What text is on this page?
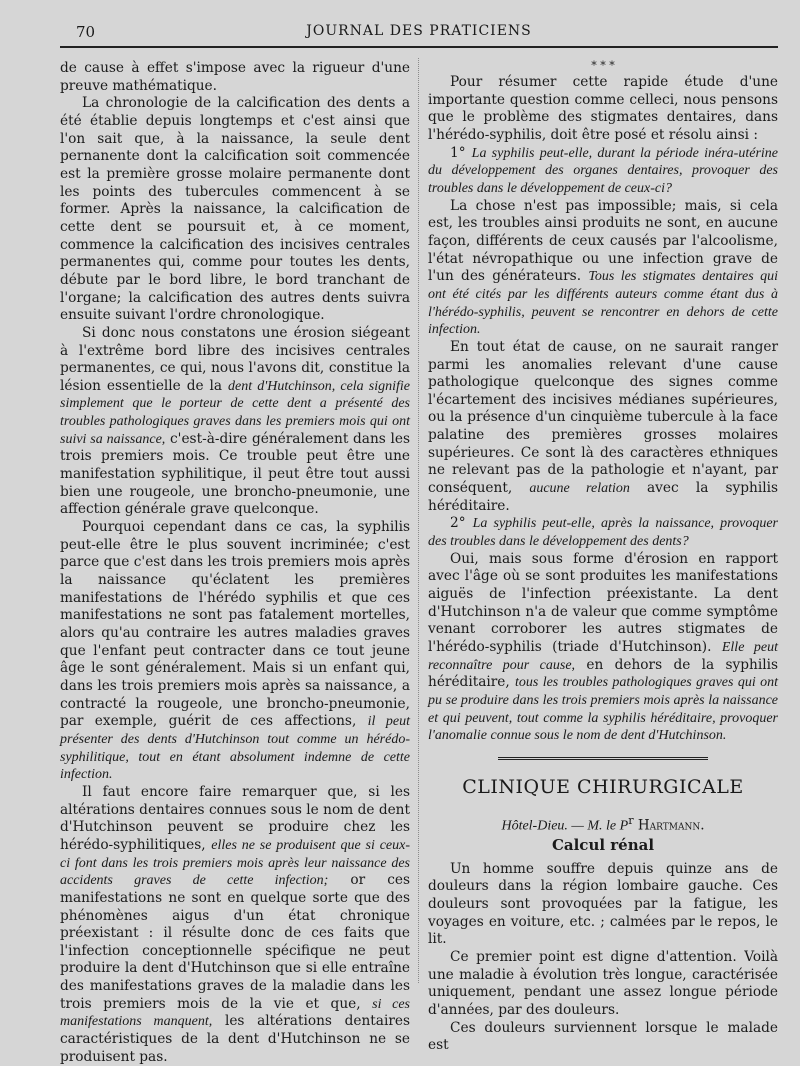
70	JOURNAL DES PRATICIENS

de cause à effet s'impose avec la rigueur d'une preuve mathématique.

La chronologie de la calcification des dents a été établie depuis longtemps et c'est ainsi que l'on sait que, à la naissance, la seule dent pernanente dont la calcification soit commencée est la première grosse molaire permanente dont les points des tubercules commencent à se former. Après la naissance, la calcification de cette dent se poursuit et, à ce moment, commence la calcification des incisives centrales permanentes qui, comme pour toutes les dents, débute par le bord libre, le bord tranchant de l'organe; la calcification des autres dents suivra ensuite suivant l'ordre chronologique.

Si donc nous constatons une érosion siégeant à l'extrême bord libre des incisives centrales permanentes, ce qui, nous l'avons dit, constitue la lésion essentielle de la dent d'Hutchinson, cela signifie simplement que le porteur de cette dent a présenté des troubles pathologiques graves dans les premiers mois qui ont suivi sa naissance, c'est-à-dire généralement dans les trois premiers mois. Ce trouble peut être une manifestation syphilitique, il peut être tout aussi bien une rougeole, une broncho-pneumonie, une affection générale grave quelconque.

Pourquoi cependant dans ce cas, la syphilis peut-elle être le plus souvent incriminée; c'est parce que c'est dans les trois premiers mois après la naissance qu'éclatent les premières manifestations de l'hérédo syphilis et que ces manifestations ne sont pas fatalement mortelles, alors qu'au contraire les autres maladies graves que l'enfant peut contracter dans ce tout jeune âge le sont généralement. Mais si un enfant qui, dans les trois premiers mois après sa naissance, a contracté la rougeole, une broncho-pneumonie, par exemple, guérit de ces affections, il peut présenter des dents d'Hutchinson tout comme un hérédo-syphilitique, tout en étant absolument indemne de cette infection.

Il faut encore faire remarquer que, si les altérations dentaires connues sous le nom de dent d'Hutchinson peuvent se produire chez les hérédo-syphilitiques, elles ne se produisent que si ceux-ci font dans les trois premiers mois après leur naissance des accidents graves de cette infection; or ces manifestations ne sont en quelque sorte que des phénomènes aigus d'un état chronique préexistant : il résulte donc de ces faits que l'infection conceptionnelle spécifique ne peut produire la dent d'Hutchinson que si elle entraîne des manifestations graves de la maladie dans les trois premiers mois de la vie et que, si ces manifestations manquent, les altérations dentaires caractéristiques de la dent d'Hutchinson ne se produisent pas.

* * *

Pour résumer cette rapide étude d'une importante question comme celleci, nous pensons que le problème des stigmates dentaires, dans l'hérédo-syphilis, doit être posé et résolu ainsi :

1° La syphilis peut-elle, durant la période inéra-utérine du développement des organes dentaires, provoquer des troubles dans le développement de ceux-ci?

La chose n'est pas impossible; mais, si cela est, les troubles ainsi produits ne sont, en aucune façon, différents de ceux causés par l'alcoolisme, l'état névropathique ou une infection grave de l'un des générateurs. Tous les stigmates dentaires qui ont été cités par les différents auteurs comme étant dus à l'hérédo-syphilis, peuvent se rencontrer en dehors de cette infection.

En tout état de cause, on ne saurait ranger parmi les anomalies relevant d'une cause pathologique quelconque des signes comme l'écartement des incisives médianes supérieures, ou la présence d'un cinquième tubercule à la face palatine des premières grosses molaires supérieures. Ce sont là des caractères ethniques ne relevant pas de la pathologie et n'ayant, par conséquent, aucune relation avec la syphilis héréditaire.

2° La syphilis peut-elle, après la naissance, provoquer des troubles dans le développement des dents?

Oui, mais sous forme d'érosion en rapport avec l'âge où se sont produites les manifestations aiguës de l'infection préexistante. La dent d'Hutchinson n'a de valeur que comme symptôme venant corroborer les autres stigmates de l'hérédo-syphilis (triade d'Hutchinson). Elle peut reconnaître pour cause, en dehors de la syphilis héréditaire, tous les troubles pathologiques graves qui ont pu se produire dans les trois premiers mois après la naissance et qui peuvent, tout comme la syphilis héréditaire, provoquer l'anomalie connue sous le nom de dent d'Hutchinson.

CLINIQUE CHIRURGICALE
Hôtel-Dieu. — M. le $P^r$ Hartmann.
Calcul rénal

Un homme souffre depuis quinze ans de douleurs dans la région lombaire gauche. Ces douleurs sont provoquées par la fatigue, les voyages en voiture, etc. ; calmées par le repos, le lit.

Ce premier point est digne d'attention. Voilà une maladie à évolution très longue, caractérisée uniquement, pendant une assez longue période d'années, par des douleurs.

Ces douleurs surviennent lorsque le malade est
